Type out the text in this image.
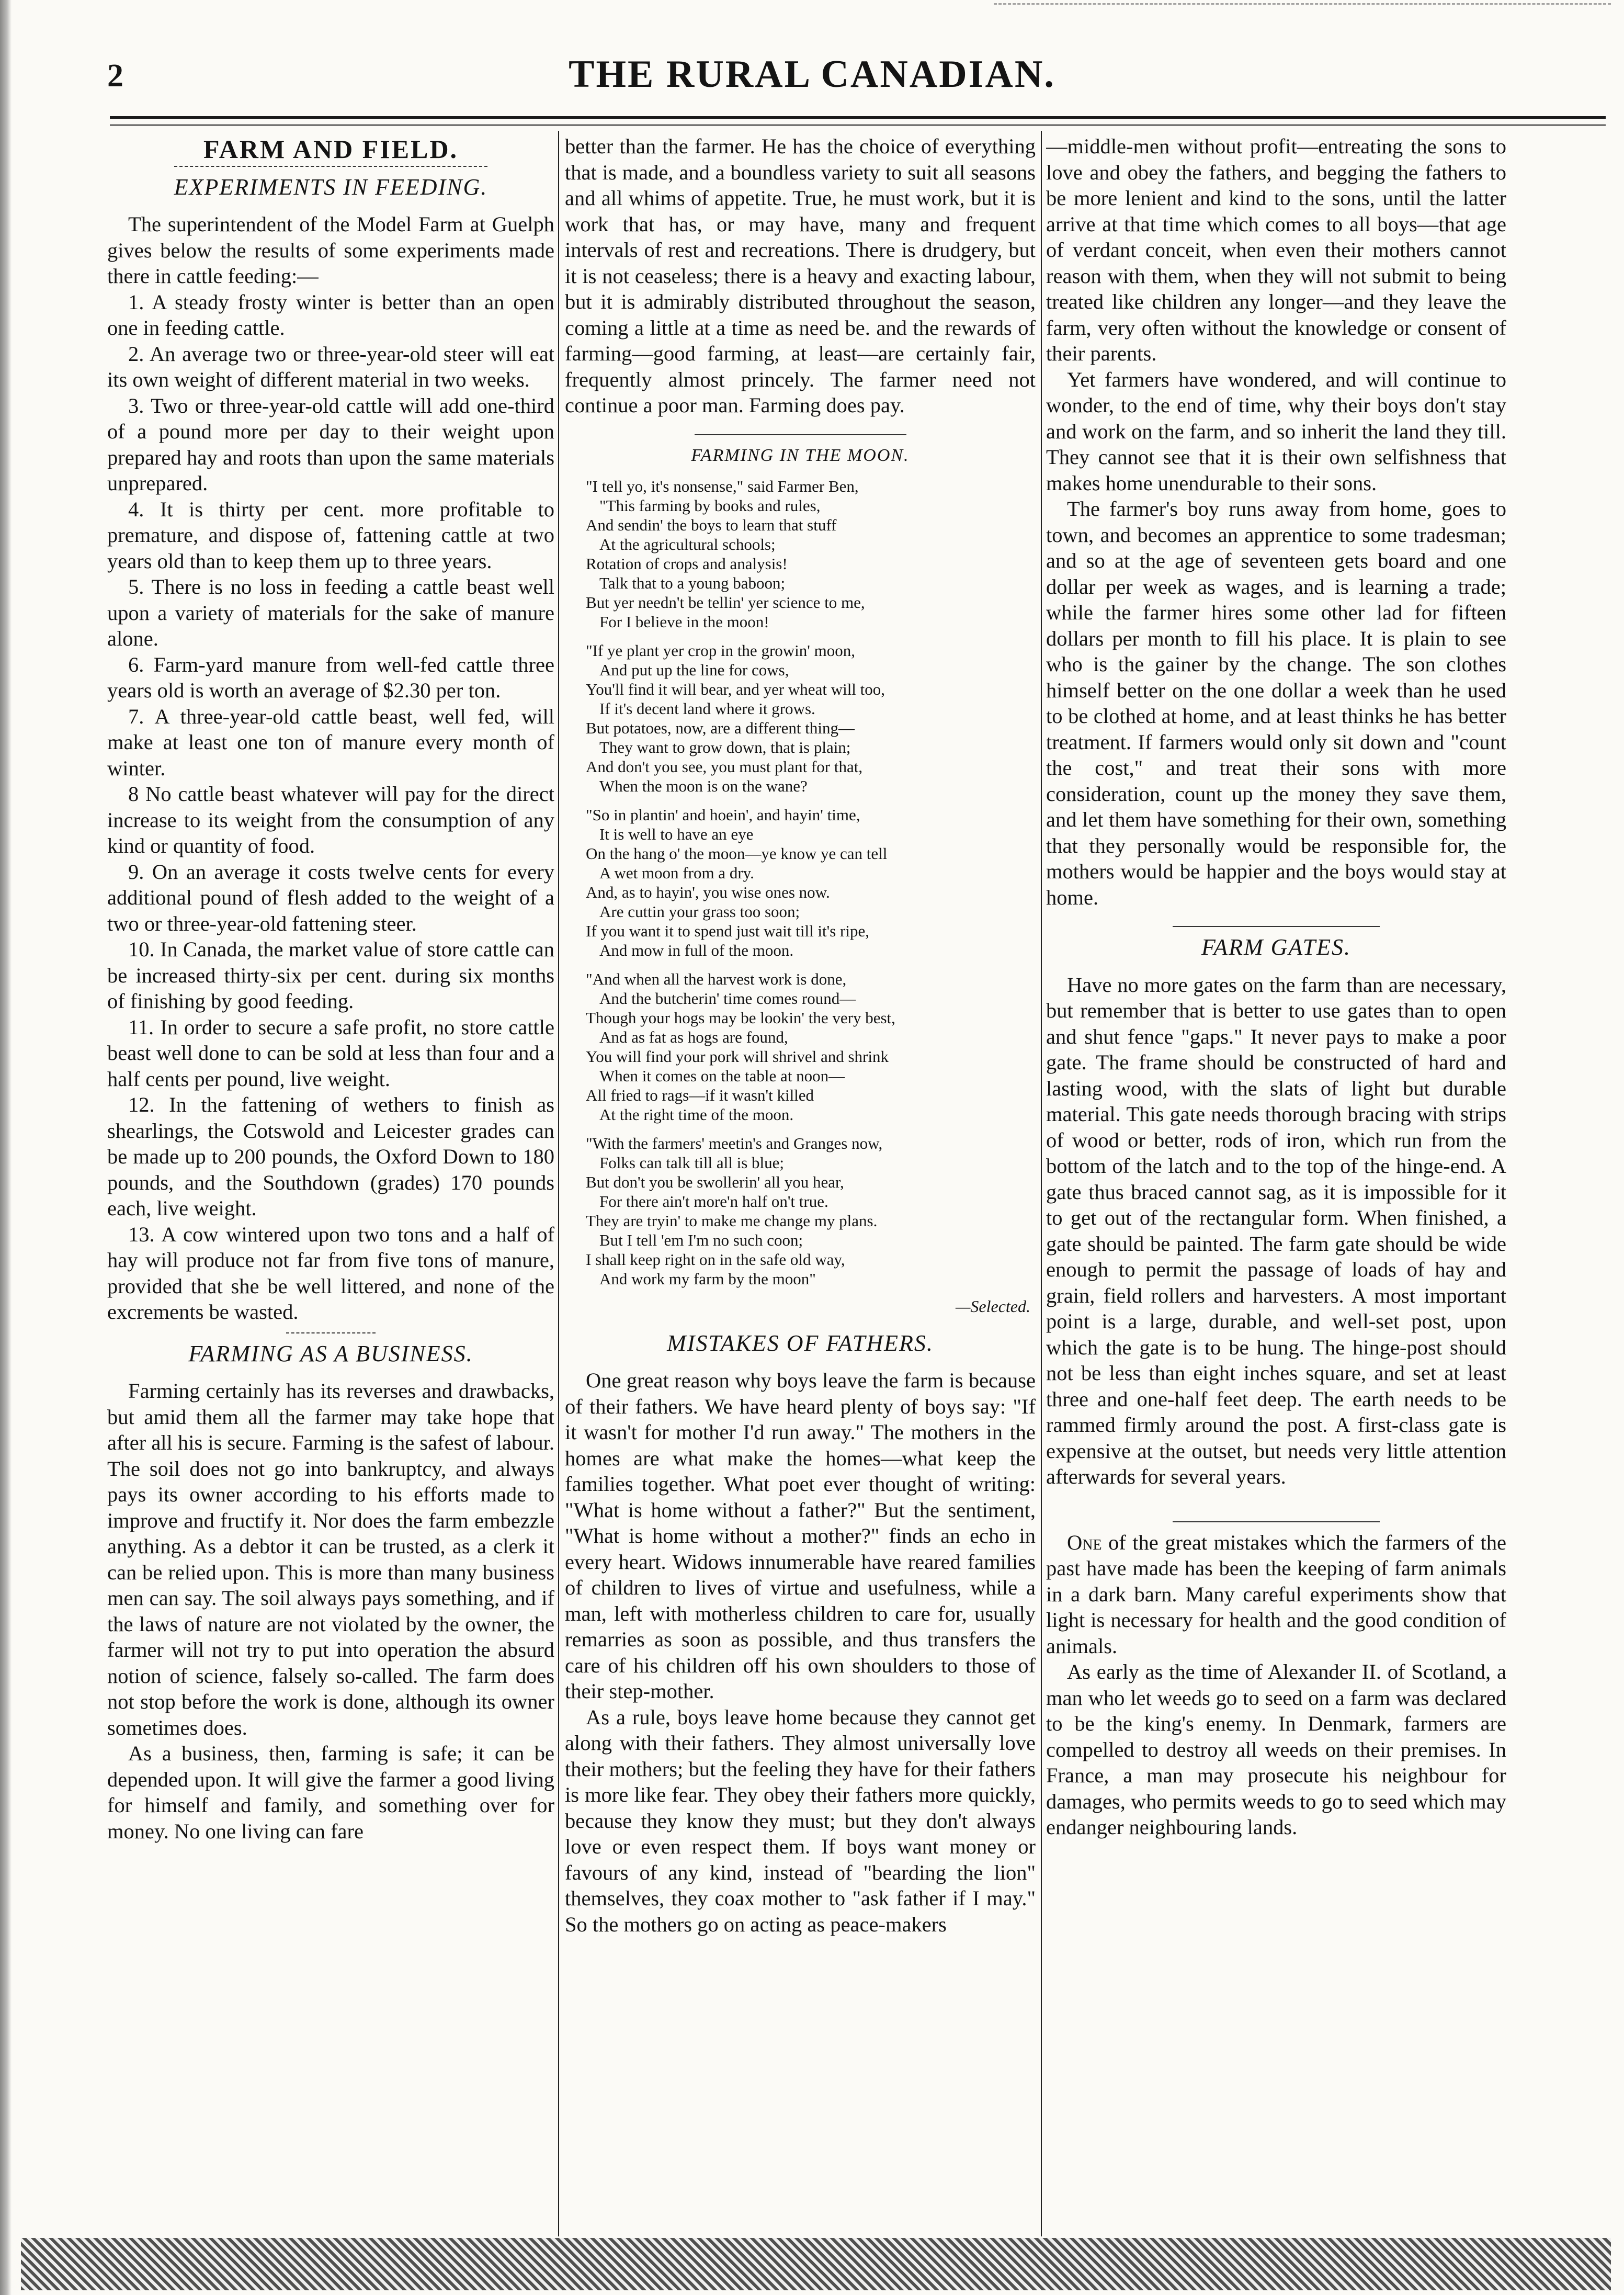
2	THE RURAL CANADIAN.
FARM AND FIELD.
EXPERIMENTS IN FEEDING.

The superintendent of the Model Farm at Guelph gives below the results of some experiments made there in cattle feeding:—

1. A steady frosty winter is better than an open one in feeding cattle.

2. An average two or three-year-old steer will eat its own weight of different material in two weeks.

3. Two or three-year-old cattle will add one-third of a pound more per day to their weight upon prepared hay and roots than upon the same materials unprepared.

4. It is thirty per cent. more profitable to premature, and dispose of, fattening cattle at two years old than to keep them up to three years.

5. There is no loss in feeding a cattle beast well upon a variety of materials for the sake of manure alone.

6. Farm-yard manure from well-fed cattle three years old is worth an average of $2.30 per ton.

7. A three-year-old cattle beast, well fed, will make at least one ton of manure every month of winter.

8 No cattle beast whatever will pay for the direct increase to its weight from the consumption of any kind or quantity of food.

9. On an average it costs twelve cents for every additional pound of flesh added to the weight of a two or three-year-old fattening steer.

10. In Canada, the market value of store cattle can be increased thirty-six per cent. during six months of finishing by good feeding.

11. In order to secure a safe profit, no store cattle beast well done to can be sold at less than four and a half cents per pound, live weight.

12. In the fattening of wethers to finish as shearlings, the Cotswold and Leicester grades can be made up to 200 pounds, the Oxford Down to 180 pounds, and the Southdown (grades) 170 pounds each, live weight.

13. A cow wintered upon two tons and a half of hay will produce not far from five tons of manure, provided that she be well littered, and none of the excrements be wasted.

FARMING AS A BUSINESS.

Farming certainly has its reverses and drawbacks, but amid them all the farmer may take hope that after all his is secure. Farming is the safest of labour. The soil does not go into bankruptcy, and always pays its owner according to his efforts made to improve and fructify it. Nor does the farm embezzle anything. As a debtor it can be trusted, as a clerk it can be relied upon. This is more than many business men can say. The soil always pays something, and if the laws of nature are not violated by the owner, the farmer will not try to put into operation the absurd notion of science, falsely so-called. The farm does not stop before the work is done, although its owner sometimes does.

As a business, then, farming is safe; it can be depended upon. It will give the farmer a good living for himself and family, and something over for money. No one living can fare

better than the farmer. He has the choice of everything that is made, and a boundless variety to suit all seasons and all whims of appetite. True, he must work, but it is work that has, or may have, many and frequent intervals of rest and recreations. There is drudgery, but it is not ceaseless; there is a heavy and exacting labour, but it is admirably distributed throughout the season, coming a little at a time as need be. and the rewards of farming—good farming, at least—are certainly fair, frequently almost princely. The farmer need not continue a poor man. Farming does pay.

FARMING IN THE MOON.
"I tell yo, it's nonsense," said Farmer Ben,
"This farming by books and rules,
And sendin' the boys to learn that stuff
At the agricultural schools;
Rotation of crops and analysis!
Talk that to a young baboon;
But yer needn't be tellin' yer science to me,
For I believe in the moon!
"If ye plant yer crop in the growin' moon,
And put up the line for cows,
You'll find it will bear, and yer wheat will too,
If it's decent land where it grows.
But potatoes, now, are a different thing—
They want to grow down, that is plain;
And don't you see, you must plant for that,
When the moon is on the wane?
"So in plantin' and hoein', and hayin' time,
It is well to have an eye
On the hang o' the moon—ye know ye can tell
A wet moon from a dry.
And, as to hayin', you wise ones now.
Are cuttin your grass too soon;
If you want it to spend just wait till it's ripe,
And mow in full of the moon.
"And when all the harvest work is done,
And the butcherin' time comes round—
Though your hogs may be lookin' the very best,
And as fat as hogs are found,
You will find your pork will shrivel and shrink
When it comes on the table at noon—
All fried to rags—if it wasn't killed
At the right time of the moon.
"With the farmers' meetin's and Granges now,
Folks can talk till all is blue;
But don't you be swollerin' all you hear,
For there ain't more'n half on't true.
They are tryin' to make me change my plans.
But I tell 'em I'm no such coon;
I shall keep right on in the safe old way,
And work my farm by the moon"
—Selected.
MISTAKES OF FATHERS.

One great reason why boys leave the farm is because of their fathers. We have heard plenty of boys say: "If it wasn't for mother I'd run away." The mothers in the homes are what make the homes—what keep the families together. What poet ever thought of writing: "What is home without a father?" But the sentiment, "What is home without a mother?" finds an echo in every heart. Widows innumerable have reared families of children to lives of virtue and usefulness, while a man, left with motherless children to care for, usually remarries as soon as possible, and thus transfers the care of his children off his own shoulders to those of their step-mother.

As a rule, boys leave home because they cannot get along with their fathers. They almost universally love their mothers; but the feeling they have for their fathers is more like fear. They obey their fathers more quickly, because they know they must; but they don't always love or even respect them. If boys want money or favours of any kind, instead of "bearding the lion" themselves, they coax mother to "ask father if I may." So the mothers go on acting as peace-makers

—middle-men without profit—entreating the sons to love and obey the fathers, and begging the fathers to be more lenient and kind to the sons, until the latter arrive at that time which comes to all boys—that age of verdant conceit, when even their mothers cannot reason with them, when they will not submit to being treated like children any longer—and they leave the farm, very often without the knowledge or consent of their parents.

Yet farmers have wondered, and will continue to wonder, to the end of time, why their boys don't stay and work on the farm, and so inherit the land they till. They cannot see that it is their own selfishness that makes home unendurable to their sons.

The farmer's boy runs away from home, goes to town, and becomes an apprentice to some tradesman; and so at the age of seventeen gets board and one dollar per week as wages, and is learning a trade; while the farmer hires some other lad for fifteen dollars per month to fill his place. It is plain to see who is the gainer by the change. The son clothes himself better on the one dollar a week than he used to be clothed at home, and at least thinks he has better treatment. If farmers would only sit down and "count the cost," and treat their sons with more consideration, count up the money they save them, and let them have something for their own, something that they personally would be responsible for, the mothers would be happier and the boys would stay at home.

FARM GATES.

Have no more gates on the farm than are necessary, but remember that is better to use gates than to open and shut fence "gaps." It never pays to make a poor gate. The frame should be constructed of hard and lasting wood, with the slats of light but durable material. This gate needs thorough bracing with strips of wood or better, rods of iron, which run from the bottom of the latch and to the top of the hinge-end. A gate thus braced cannot sag, as it is impossible for it to get out of the rectangular form. When finished, a gate should be painted. The farm gate should be wide enough to permit the passage of loads of hay and grain, field rollers and harvesters. A most important point is a large, durable, and well-set post, upon which the gate is to be hung. The hinge-post should not be less than eight inches square, and set at least three and one-half feet deep. The earth needs to be rammed firmly around the post. A first-class gate is expensive at the outset, but needs very little attention afterwards for several years.

One of the great mistakes which the farmers of the past have made has been the keeping of farm animals in a dark barn. Many careful experiments show that light is necessary for health and the good condition of animals.

As early as the time of Alexander II. of Scotland, a man who let weeds go to seed on a farm was declared to be the king's enemy. In Denmark, farmers are compelled to destroy all weeds on their premises. In France, a man may prosecute his neighbour for damages, who permits weeds to go to seed which may endanger neighbouring lands.
